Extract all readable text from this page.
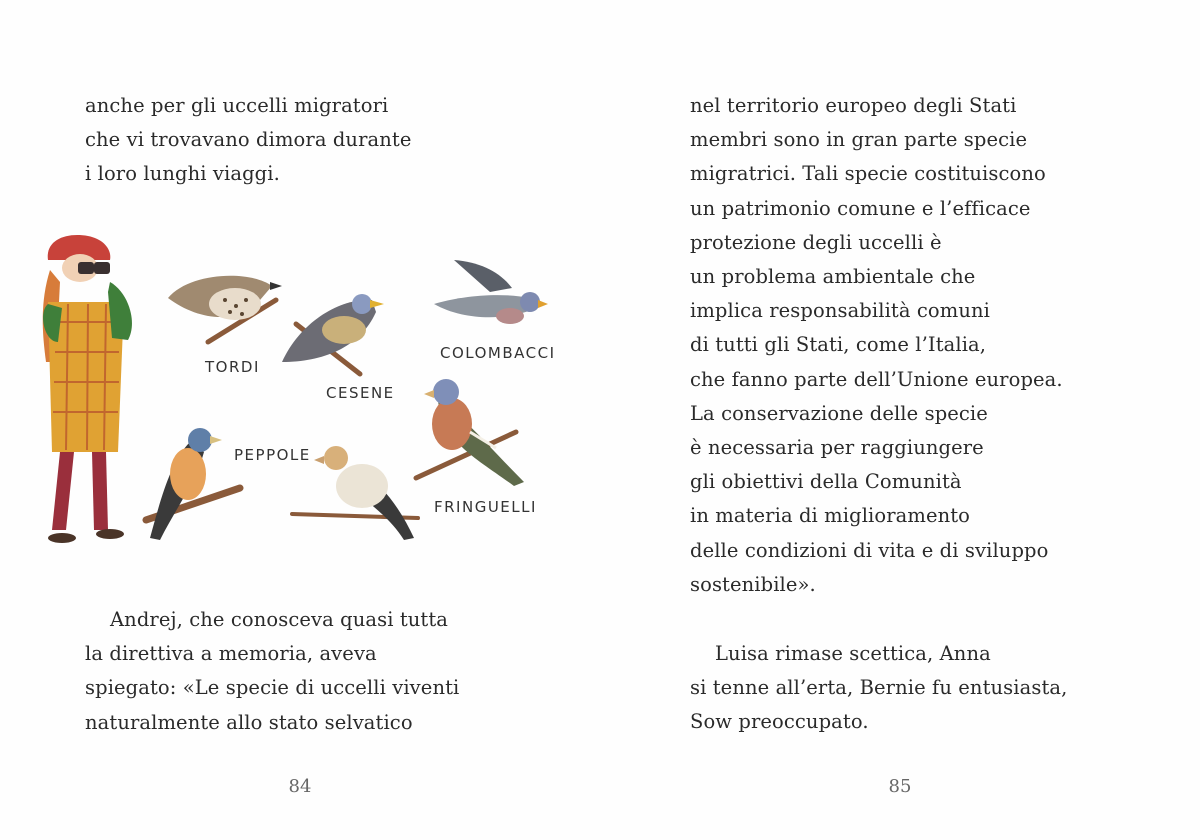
anche per gli uccelli migratori
che vi trovavano dimora durante
i loro lunghi viaggi.
TORDI
CESENE
COLOMBACCI
FRINGUELLI
PEPPOLE
Andrej, che conosceva quasi tutta
la direttiva a memoria, aveva
spiegato: «Le specie di uccelli viventi
naturalmente allo stato selvatico
84
nel territorio europeo degli Stati
membri sono in gran parte specie
migratrici. Tali specie costituiscono
un patrimonio comune e l’efficace
protezione degli uccelli è
un problema ambientale che
implica responsabilità comuni
di tutti gli Stati, come l’Italia,
che fanno parte dell’Unione europea.
La conservazione delle specie
è necessaria per raggiungere
gli obiettivi della Comunità
in materia di miglioramento
delle condizioni di vita e di sviluppo
sostenibile».
Luisa rimase scettica, Anna
si tenne all’erta, Bernie fu entusiasta,
Sow preoccupato.
85
